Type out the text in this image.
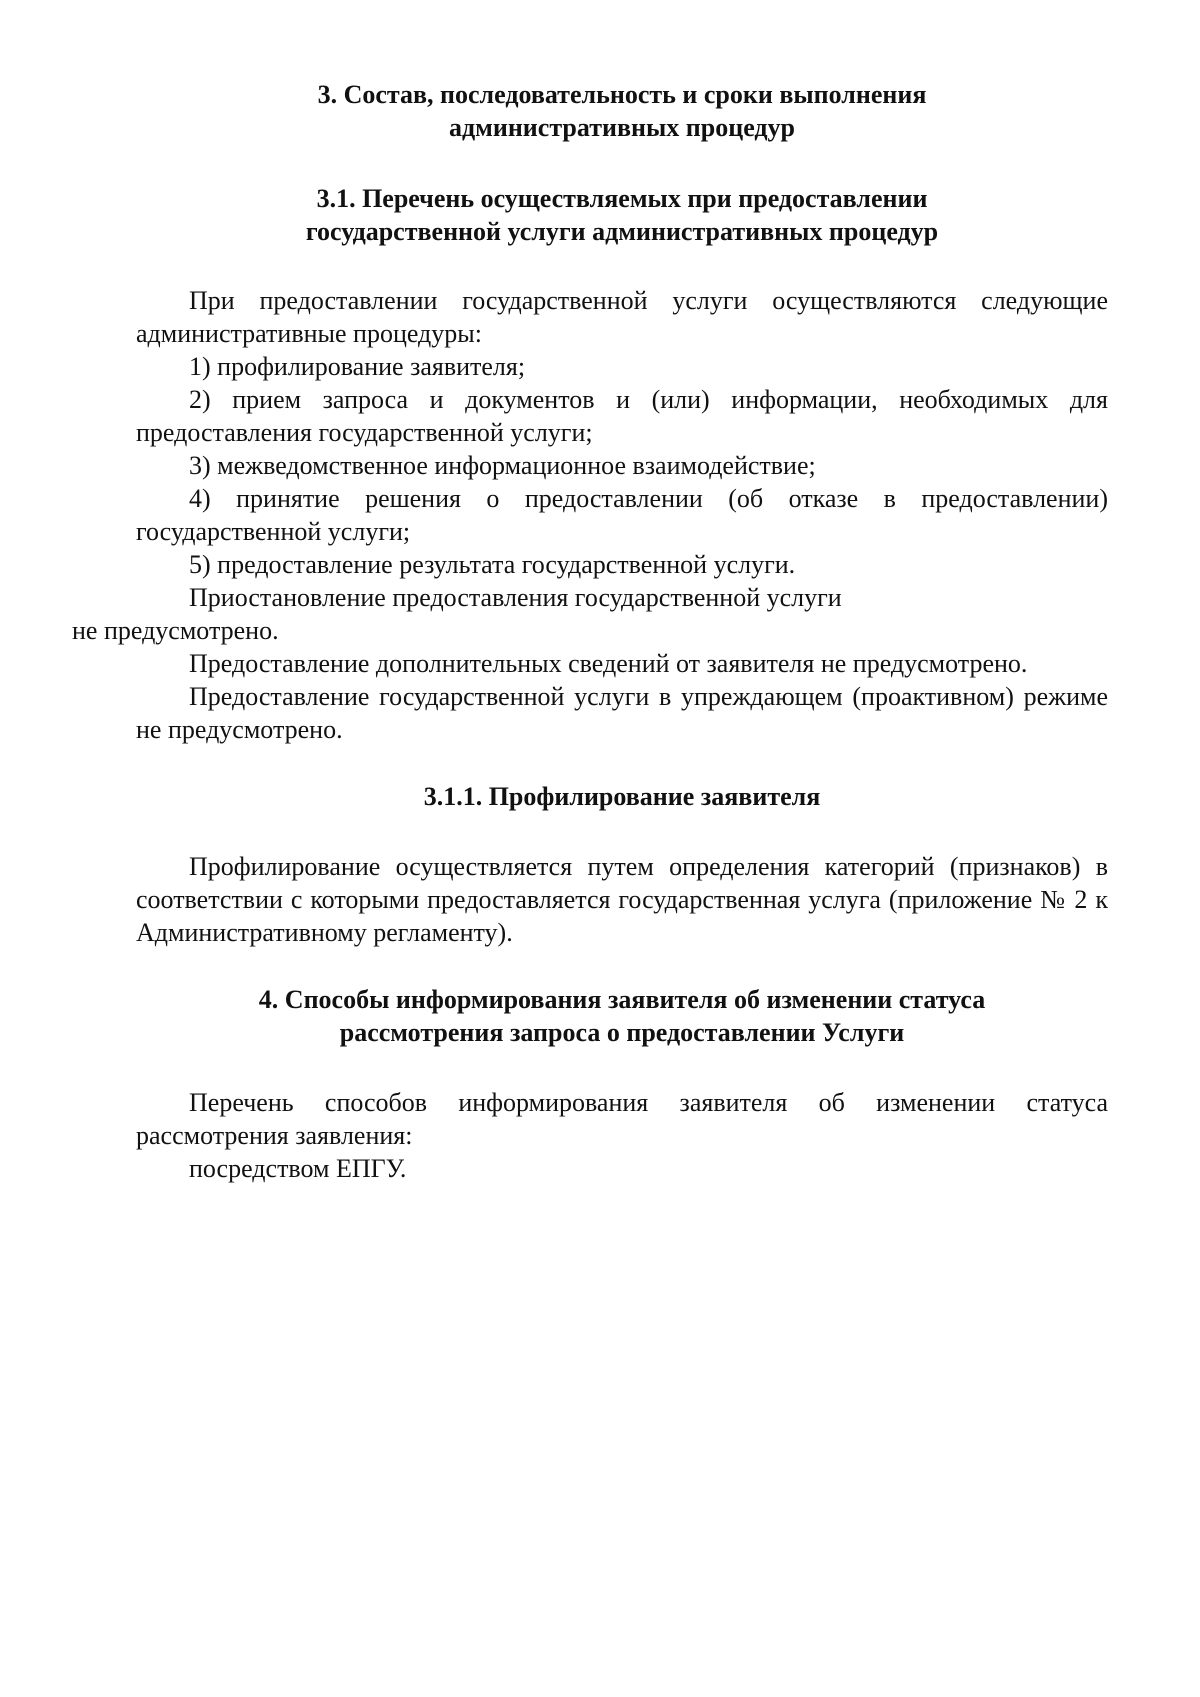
3. Состав, последовательность и сроки выполнения
административных процедур
3.1. Перечень осуществляемых при предоставлении
государственной услуги административных процедур

При предоставлении государственной услуги осуществляются следующие административные процедуры:

1) профилирование заявителя;

2) прием запроса и документов и (или) информации, необходимых для предоставления государственной услуги;

3) межведомственное информационное взаимодействие;

4) принятие решения о предоставлении (об отказе в предоставлении) государственной услуги;

5) предоставление результата государственной услуги.

Приостановление предоставления государственной услуги
не предусмотрено.

Предоставление дополнительных сведений от заявителя не предусмотрено.

Предоставление государственной услуги в упреждающем (проактивном) режиме не предусмотрено.

3.1.1. Профилирование заявителя

Профилирование осуществляется путем определения категорий (признаков) в соответствии с которыми предоставляется государственная услуга (приложение № 2 к Административному регламенту).

4. Способы информирования заявителя об изменении статуса
рассмотрения запроса о предоставлении Услуги

Перечень способов информирования заявителя об изменении статуса рассмотрения заявления:

посредством ЕПГУ.
